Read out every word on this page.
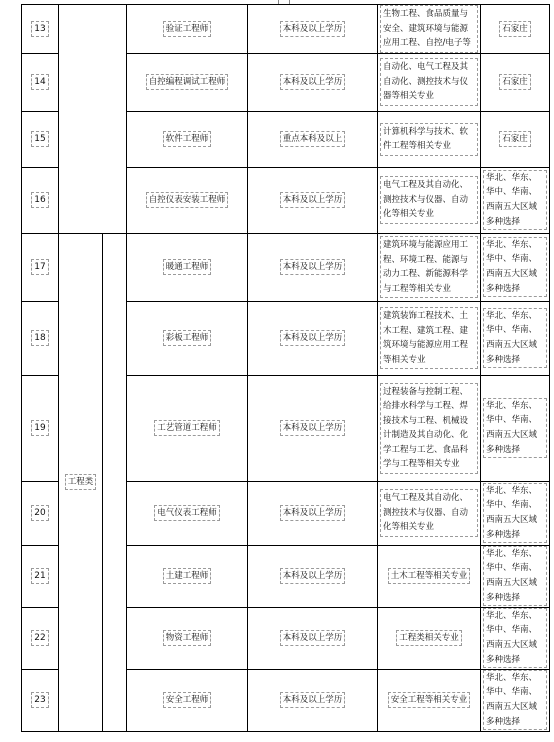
13			验证工程师	本科及以上学历	生物工程、食品质量与安全、建筑环境与能源应用工程、自控/电子等	石家庄
14			自控编程调试工程师	本科及以上学历	自动化、电气工程及其自动化、测控技术与仪器等相关专业	石家庄
15			软件工程师	重点本科及以上	计算机科学与技术、软件工程等相关专业	石家庄
16			自控仪表安装工程师	本科及以上学历	电气工程及其自动化、测控技术与仪器、自动化等相关专业	华北、华东、华中、华南、西南五大区域多种选择

17	工程类		暖通工程师	本科及以上学历	建筑环境与能源应用工程、环境工程、能源与动力工程、新能源科学与工程等相关专业	华北、华东、华中、华南、西南五大区域多种选择

18			彩板工程师	本科及以上学历	建筑装饰工程技术、土木工程、建筑工程、建筑环境与能源应用工程等相关专业	华北、华东、华中、华南、西南五大区域多种选择

19			工艺管道工程师	本科及以上学历	过程装备与控制工程、给排水科学与工程、焊接技术与工程、机械设计制造及其自动化、化学工程与工艺、食品科学与工程等相关专业	华北、华东、华中、华南、西南五大区域多种选择

20			电气仪表工程师	本科及以上学历	电气工程及其自动化、测控技术与仪器、自动化等相关专业	华北、华东、华中、华南、西南五大区域多种选择

21			土建工程师	本科及以上学历	土木工程等相关专业	华北、华东、华中、华南、西南五大区域多种选择

22			物资工程师	本科及以上学历	工程类相关专业	华北、华东、华中、华南、西南五大区域多种选择

23			安全工程师	本科及以上学历	安全工程等相关专业	华北、华东、华中、华南、西南五大区域多种选择
